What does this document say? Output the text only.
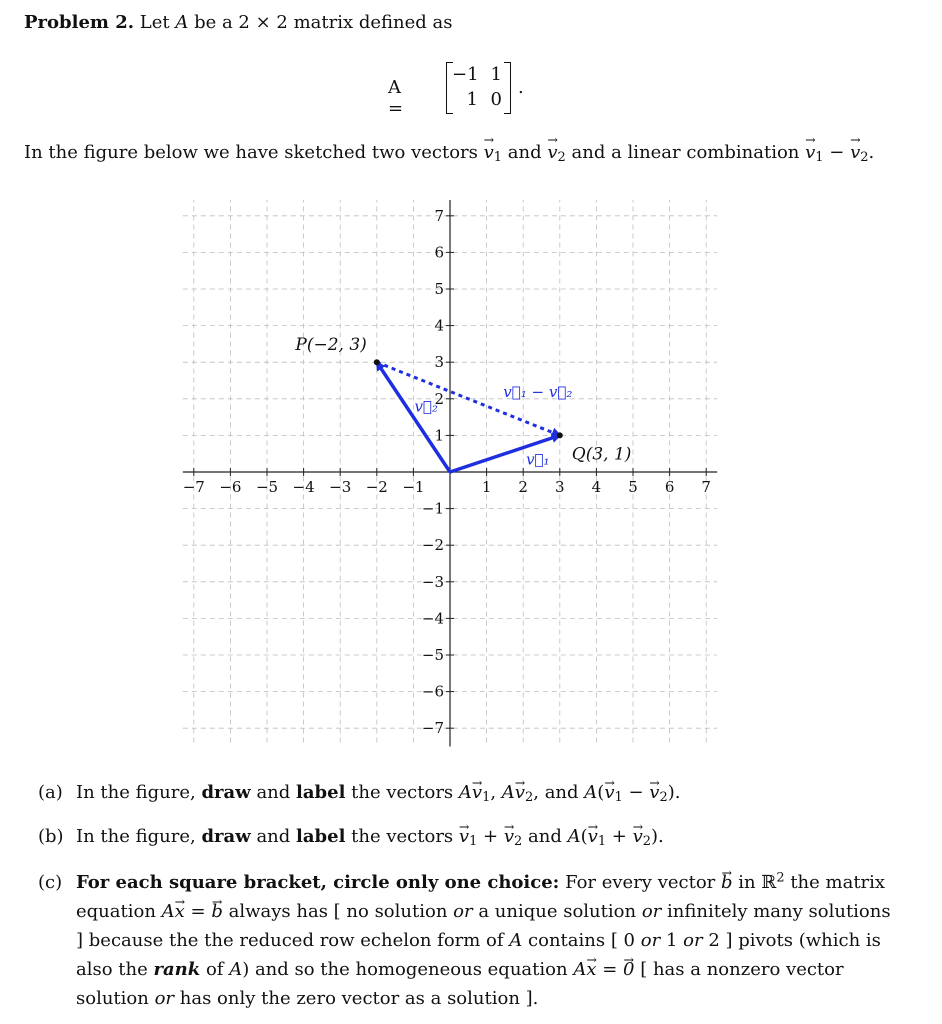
Problem 2. Let A be a 2 × 2 matrix defined as
A =
−1 1
1 0
.
In the figure below we have sketched two vectors → $v_1$ and → $v_2$ and a linear combination → $v_1$ − → $v_2$.
−7 −6 −5 −4 −3 −2 −1	1 2 3 4 5 6 7
7
6
5
4
3
2
1
−1
−2
−3
−4
−5
−6
−7
P(−2, 3)
Q(3, 1)
v⃗₁
v⃗₂
v⃗₁ − v⃗₂
(a) In the figure, draw and label the vectors $A\to v_1$, $A\to v_2$, and $A(\to v_1$ − → $v_2$).
(b) In the figure, draw and label the vectors → $v_1$ + → $v_2$ and $A(\to v_1$ + → $v_2$).
(c) For each square bracket, circle only one choice: For every vector → b in ℝ$^2$ the matrix equation A→ x = → b always has [ no solution or a unique solution or infinitely many solutions ] because the the reduced row echelon form of A contains [ 0 or 1 or 2 ] pivots (which is also the rank of A) and so the homogeneous equation A→ x = → 0 [ has a nonzero vector solution or has only the zero vector as a solution ].
